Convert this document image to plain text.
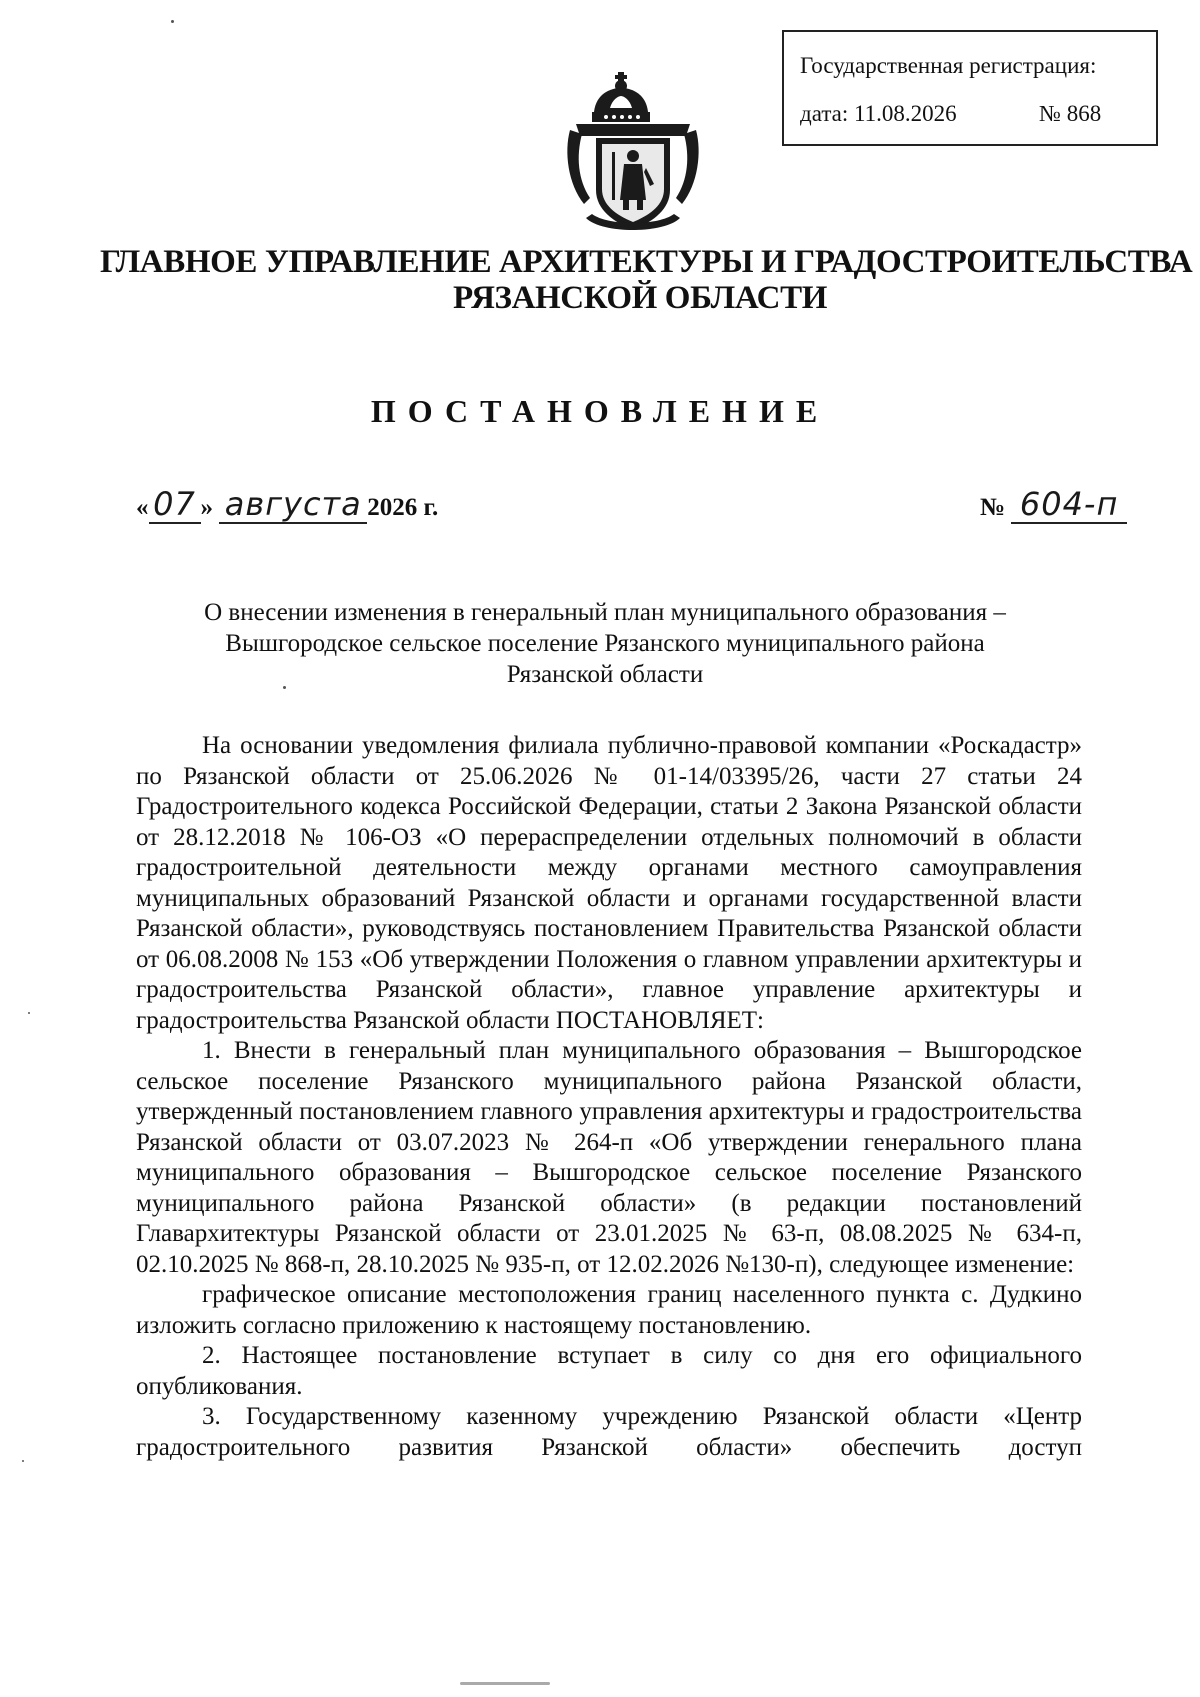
Государственная регистрация:
дата: 11.08.2026	№ 868
ГЛАВНОЕ УПРАВЛЕНИЕ АРХИТЕКТУРЫ И ГРАДОСТРОИТЕЛЬСТВА
РЯЗАНСКОЙ ОБЛАСТИ
ПОСТАНОВЛЕНИЕ
« 07 » августа 2026 г.	№ 604-п
О внесении изменения в генеральный план муниципального образования –
Вышгородское сельское поселение Рязанского муниципального района
Рязанской области

На основании уведомления филиала публично-правовой компании «Роскадастр» по Рязанской области от 25.06.2026 № 01-14/03395/26, части 27 статьи 24 Градостроительного кодекса Российской Федерации, статьи 2 Закона Рязанской области от 28.12.2018 № 106-ОЗ «О перераспределении отдельных полномочий в области градостроительной деятельности между органами местного самоуправления муниципальных образований Рязанской области и органами государственной власти Рязанской области», руководствуясь постановлением Правительства Рязанской области от 06.08.2008 № 153 «Об утверждении Положения о главном управлении архитектуры и градостроительства Рязанской области», главное управление архитектуры и градостроительства Рязанской области ПОСТАНОВЛЯЕТ:

1. Внести в генеральный план муниципального образования – Вышгородское сельское поселение Рязанского муниципального района Рязанской области, утвержденный постановлением главного управления архитектуры и градостроительства Рязанской области от 03.07.2023 № 264-п «Об утверждении генерального плана муниципального образования – Вышгородское сельское поселение Рязанского муниципального района Рязанской области» (в редакции постановлений Главархитектуры Рязанской области от 23.01.2025 № 63-п, 08.08.2025 № 634-п, 02.10.2025 № 868-п, 28.10.2025 № 935-п, от 12.02.2026 №130-п), следующее изменение:

графическое описание местоположения границ населенного пункта с. Дудкино изложить согласно приложению к настоящему постановлению.

2. Настоящее постановление вступает в силу со дня его официального опубликования.

3. Государственному казенному учреждению Рязанской области «Центр градостроительного развития Рязанской области» обеспечить доступ
